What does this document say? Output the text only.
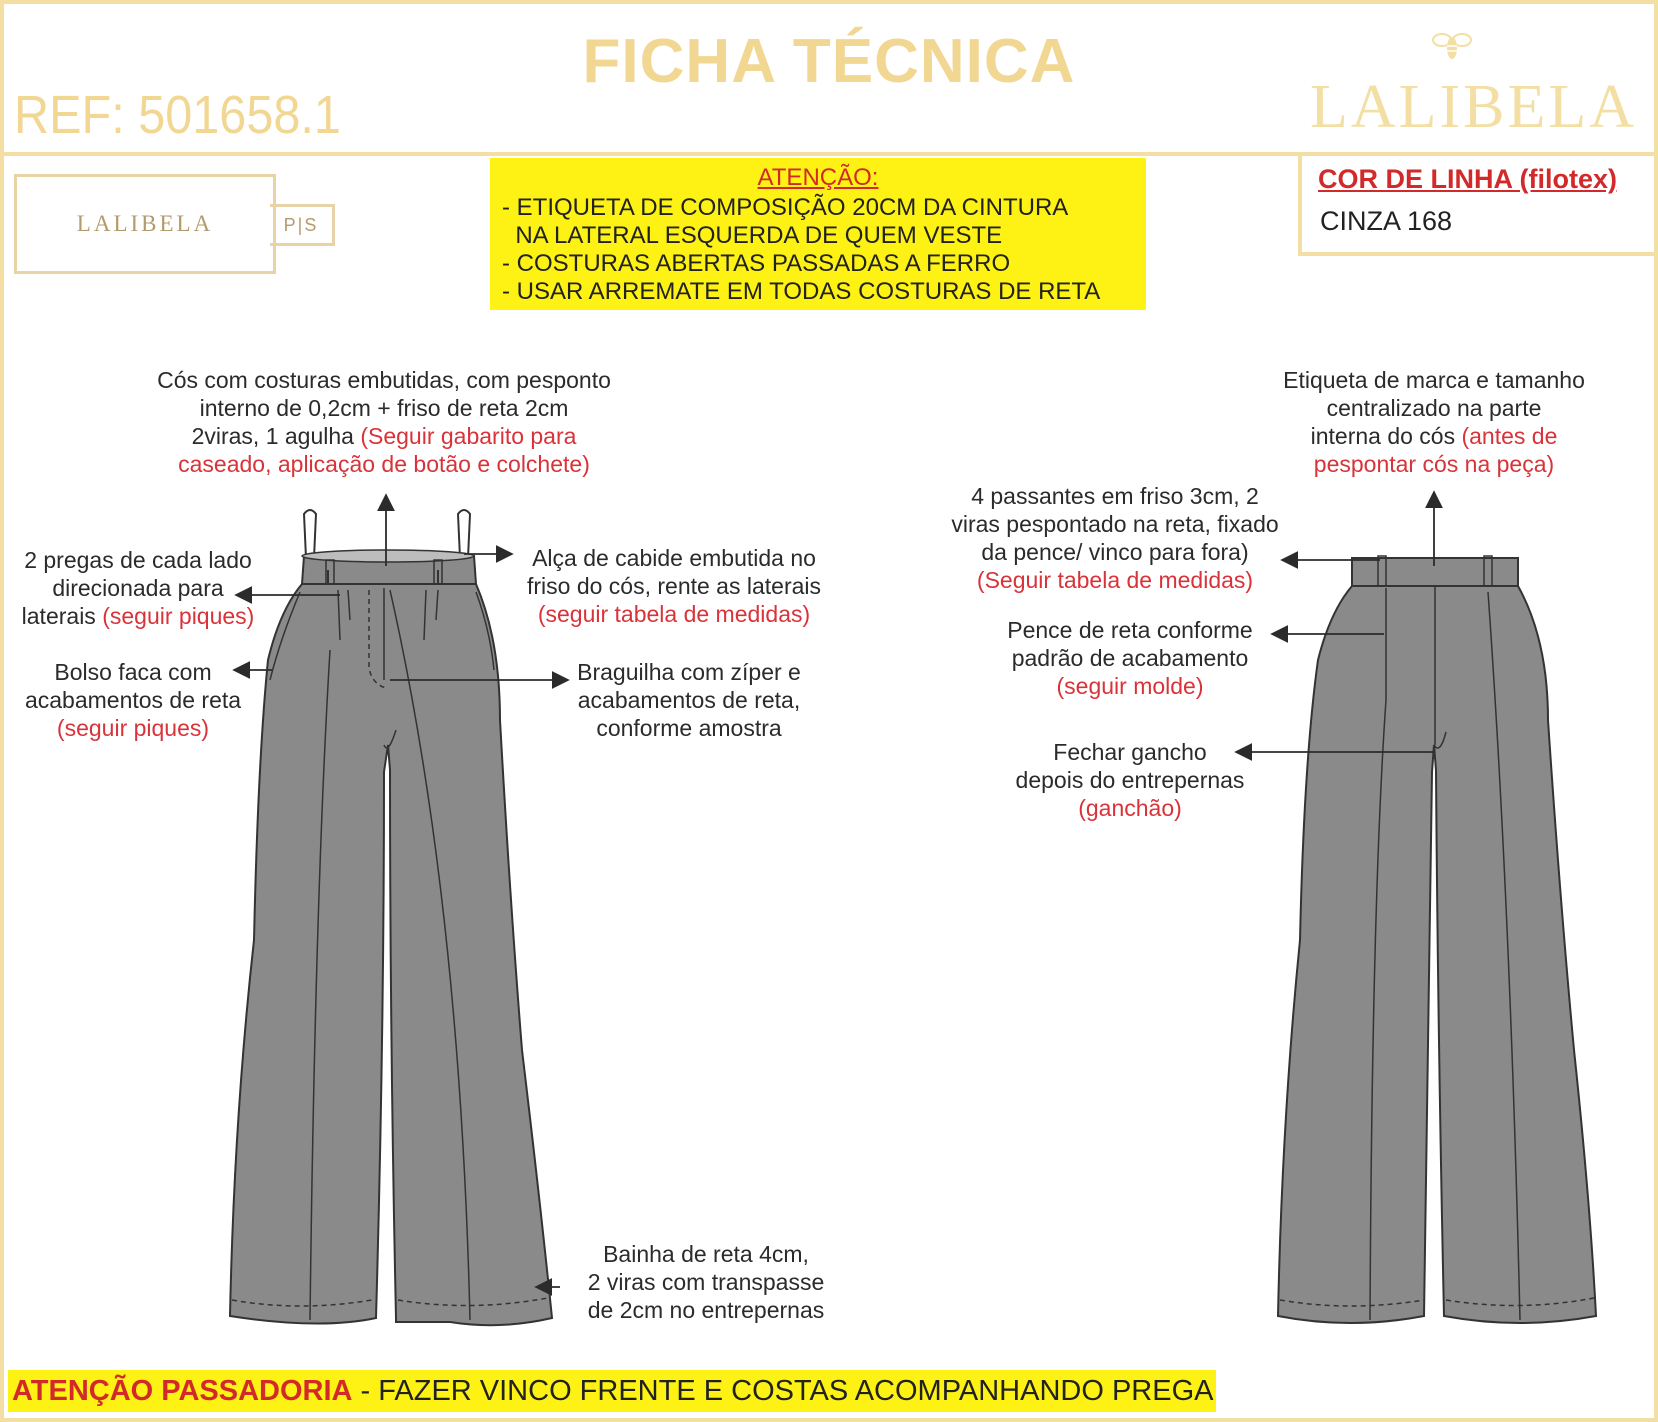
FICHA TÉCNICA
REF: 501658.1	LALIBELA
LALIBELA	P|S
ATENÇÃO:
- ETIQUETA DE COMPOSIÇÃO 20CM DA CINTURA
NA LATERAL ESQUERDA DE QUEM VESTE
- COSTURAS ABERTAS PASSADAS A FERRO
- USAR ARREMATE EM TODAS COSTURAS DE RETA
COR DE LINHA (filotex)
CINZA 168
Cós com costuras embutidas, com pesponto
interno de 0,2cm + friso de reta 2cm
2viras, 1 agulha (Seguir gabarito para
caseado, aplicação de botão e colchete)
2 pregas de cada lado
direcionada para
laterais (seguir piques)
Alça de cabide embutida no
friso do cós, rente as laterais
(seguir tabela de medidas)
Bolso faca com
acabamentos de reta
(seguir piques)
Braguilha com zíper e
acabamentos de reta,
conforme amostra
Bainha de reta 4cm,
2 viras com transpasse
de 2cm no entrepernas
Etiqueta de marca e tamanho
centralizado na parte
interna do cós (antes de
pespontar cós na peça)
4 passantes em friso 3cm, 2
viras pespontado na reta, fixado
da pence/ vinco para fora)
(Seguir tabela de medidas)
Pence de reta conforme
padrão de acabamento
(seguir molde)
Fechar gancho
depois do entrepernas
(ganchão)
ATENÇÃO PASSADORIA - FAZER VINCO FRENTE E COSTAS ACOMPANHANDO PREGA
